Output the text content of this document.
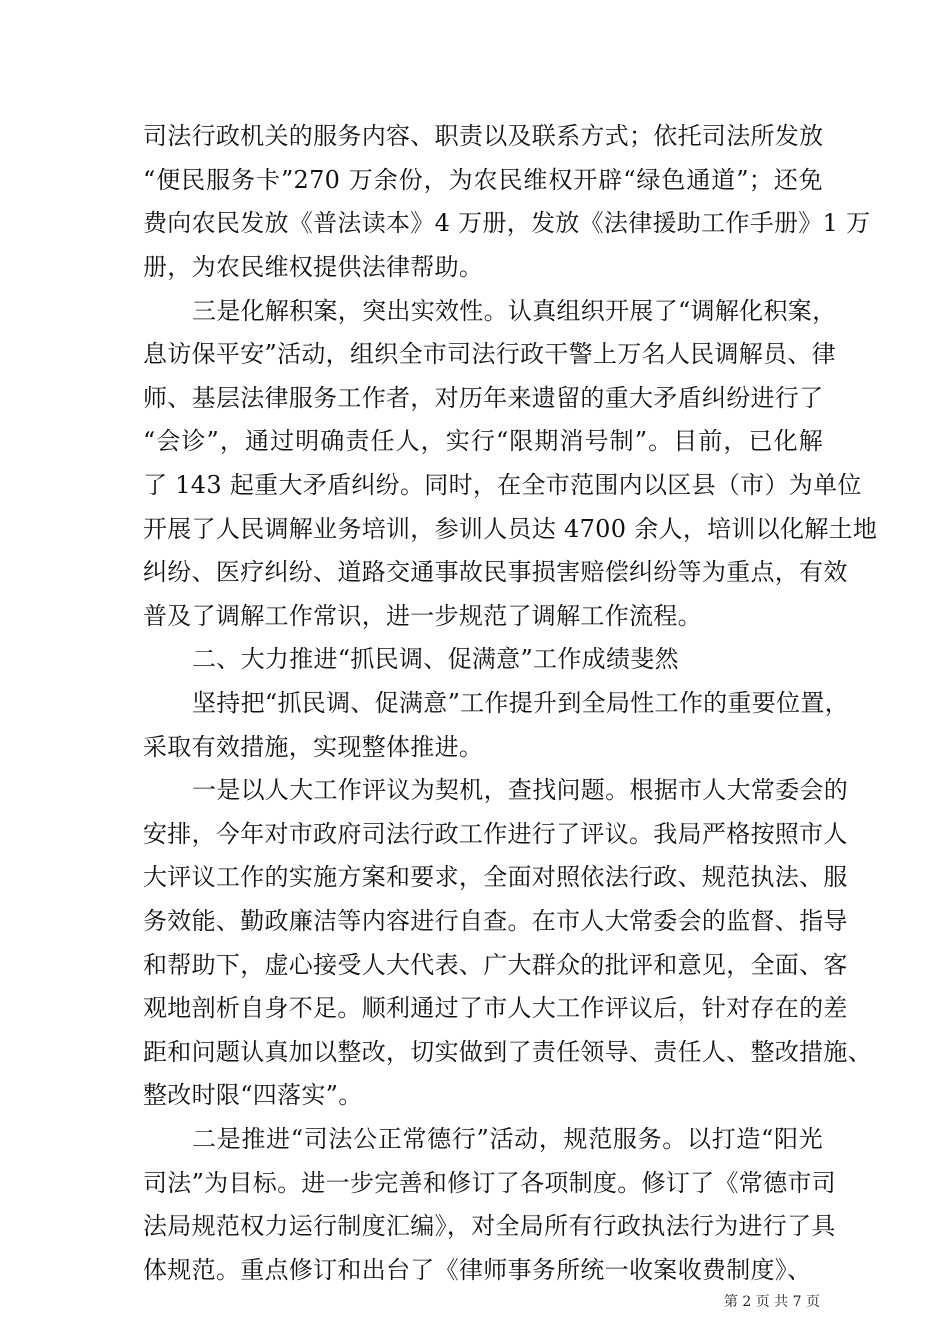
司法行政机关的服务内容、职责以及联系方式；依托司法所发放
“便民服务卡”270 万余份，为农民维权开辟“绿色通道”；还免
费向农民发放《普法读本》4 万册，发放《法律援助工作手册》1 万
册，为农民维权提供法律帮助。
三是化解积案，突出实效性。认真组织开展了“调解化积案，
息访保平安”活动，组织全市司法行政干警上万名人民调解员、律
师、基层法律服务工作者，对历年来遗留的重大矛盾纠纷进行了
“会诊”，通过明确责任人，实行“限期消号制”。目前，已化解
了 143 起重大矛盾纠纷。同时，在全市范围内以区县（市）为单位
开展了人民调解业务培训，参训人员达 4700 余人，培训以化解土地
纠纷、医疗纠纷、道路交通事故民事损害赔偿纠纷等为重点，有效
普及了调解工作常识，进一步规范了调解工作流程。
二、大力推进“抓民调、促满意”工作成绩斐然
坚持把“抓民调、促满意”工作提升到全局性工作的重要位置，
采取有效措施，实现整体推进。
一是以人大工作评议为契机，查找问题。根据市人大常委会的
安排，今年对市政府司法行政工作进行了评议。我局严格按照市人
大评议工作的实施方案和要求，全面对照依法行政、规范执法、服
务效能、勤政廉洁等内容进行自查。在市人大常委会的监督、指导
和帮助下，虚心接受人大代表、广大群众的批评和意见，全面、客
观地剖析自身不足。顺利通过了市人大工作评议后，针对存在的差
距和问题认真加以整改，切实做到了责任领导、责任人、整改措施、
整改时限“四落实”。
二是推进“司法公正常德行”活动，规范服务。以打造“阳光
司法”为目标。进一步完善和修订了各项制度。修订了《常德市司
法局规范权力运行制度汇编》，对全局所有行政执法行为进行了具
体规范。重点修订和出台了《律师事务所统一收案收费制度》、
第 2 页 共 7 页
